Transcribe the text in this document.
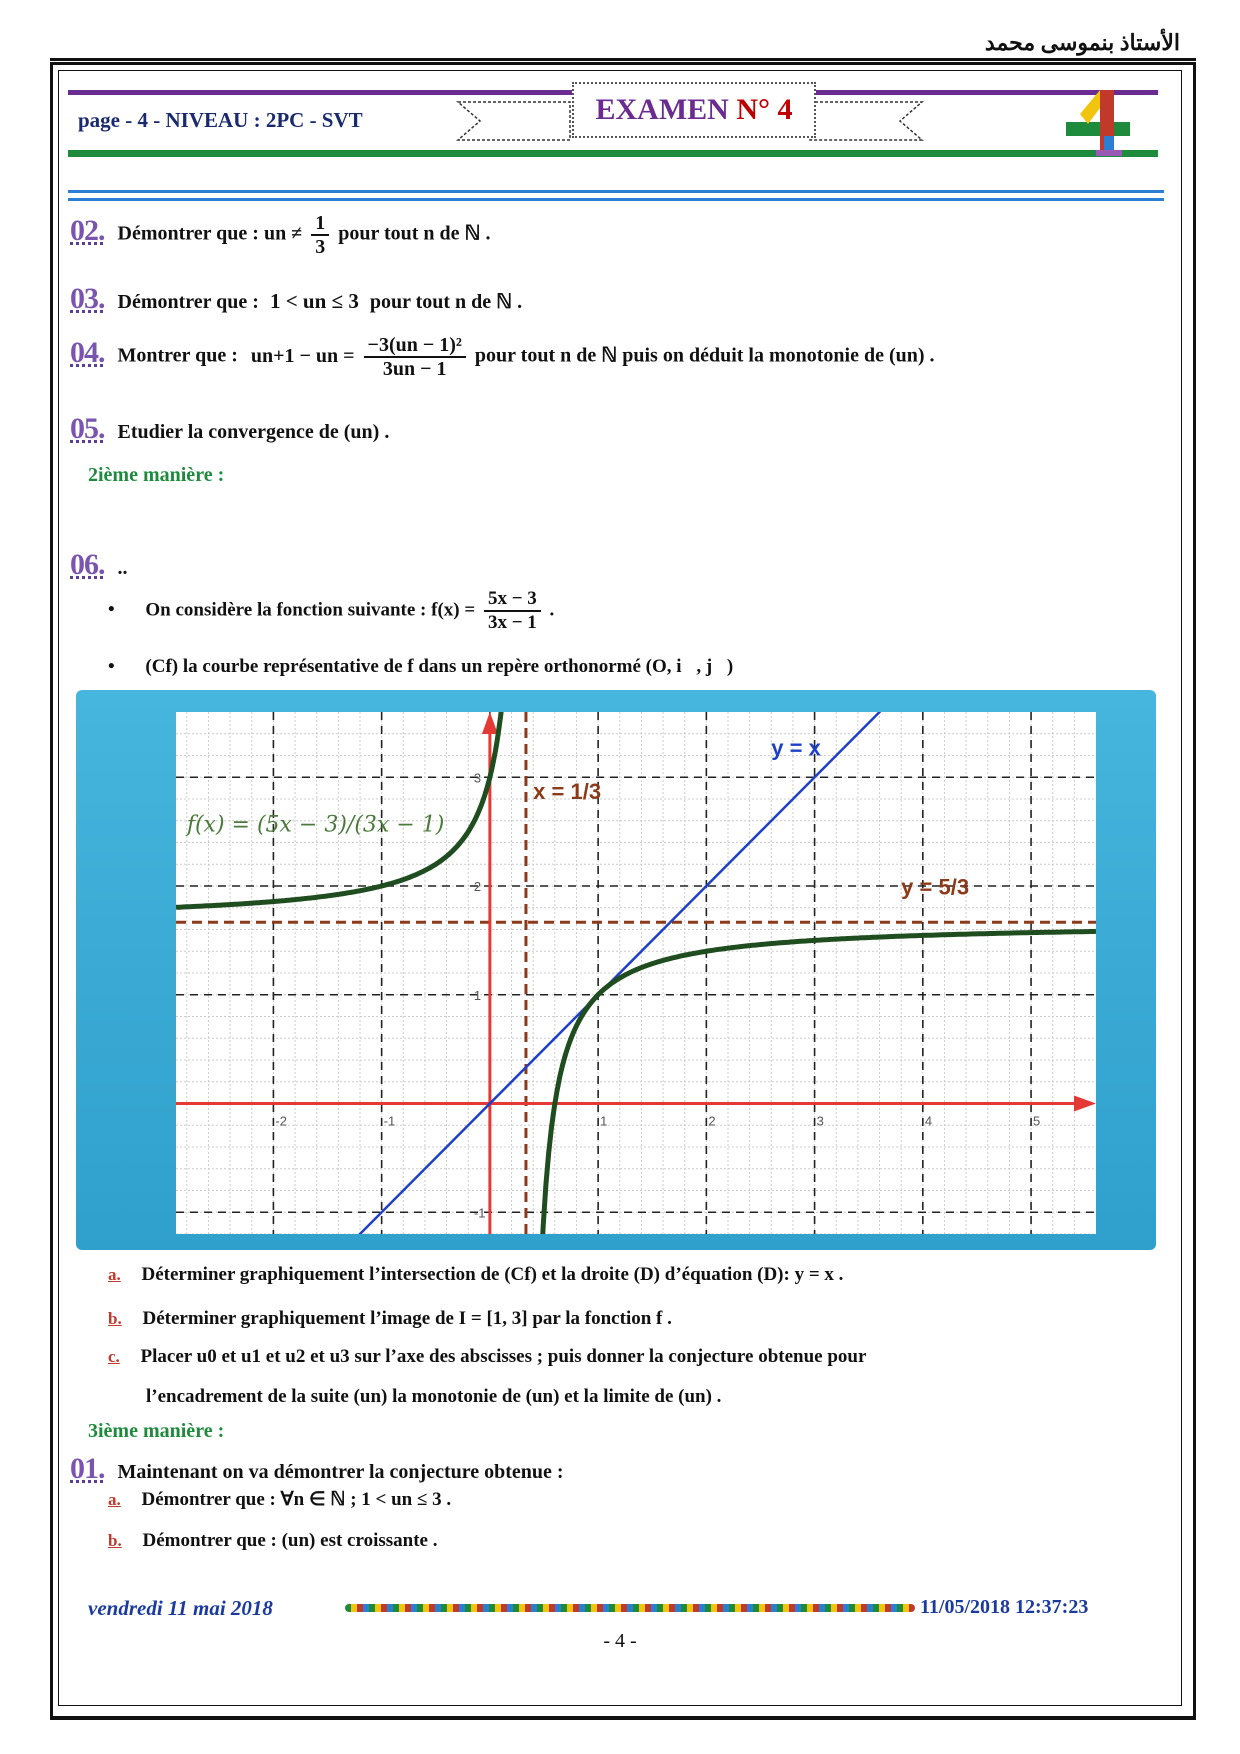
الأستاذ بنموسى محمد
page - 4 - NIVEAU : 2PC - SVT	EXAMEN N° 4
02. Démontrer que : un ≠ $\frac{1}{3}$ pour tout n de ℕ .
03. Démontrer que : 1 < un ≤ 3 pour tout n de ℕ .
04. Montrer que : un+1 − un = $\frac{\text{−3(un − 1)²}}{3un - 1}$ pour tout n de ℕ puis on déduit la monotonie de (un) .
05. Etudier la convergence de (un) .
2ième manière :
06. ..
• On considère la fonction suivante : $f(x) = \frac{5x - 3}{3x - 1}$ .
• (Cf) la courbe représentative de f dans un repère orthonormé (O, i⃗, j⃗)
-2	-1	1	2	3	4	5
-1
1
2
3
y = x
x = 1/3
y = 5/3
f(x) = (5x − 3)/(3x − 1)
a. Déterminer graphiquement l’intersection de (Cf) et la droite (D) d’équation (D): y = x .
b. Déterminer graphiquement l’image de I = [1, 3] par la fonction f .
c. Placer u0 et u1 et u2 et u3 sur l’axe des abscisses ; puis donner la conjecture obtenue pour
l’encadrement de la suite (un) la monotonie de (un) et la limite de (un) .
3ième manière :
01. Maintenant on va démontrer la conjecture obtenue :
a. Démontrer que : ∀n ∈ ℕ ; 1 < un ≤ 3 .
b. Démontrer que : (un) est croissante .
vendredi 11 mai 2018	11/05/2018 12:37:23
- 4 -
